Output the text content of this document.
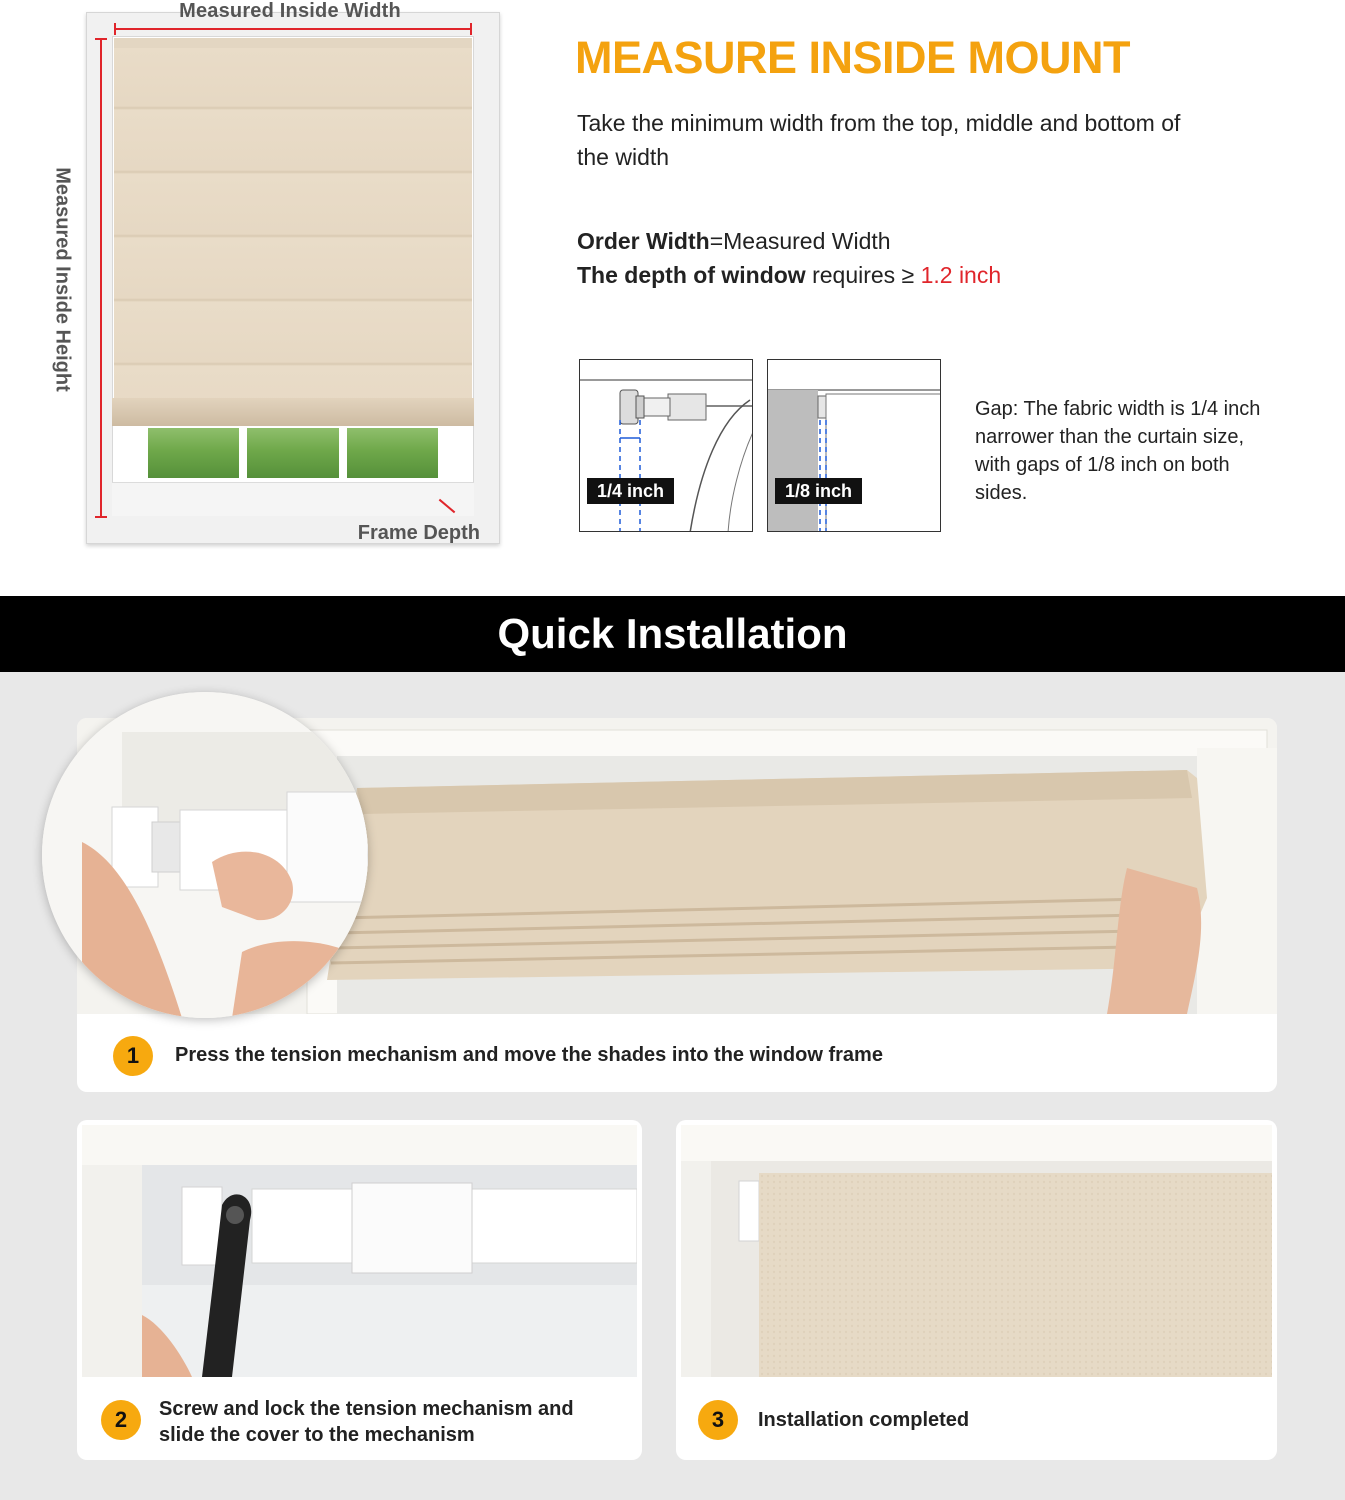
Measured Inside Width
Measured Inside Height
Frame Depth
MEASURE INSIDE MOUNT

Take the minimum width from the top, middle and bottom of the width

Order Width=Measured Width
The depth of window requires ≥ 1.2 inch
1/4 inch	1/8 inch

Gap: The fabric width is 1/4 inch narrower than the curtain size, with gaps of 1/8 inch on both sides.

Quick Installation
1	Press the tension mechanism and move the shades into the window frame
2	Screw and lock the tension mechanism and slide the cover to the mechanism
3	Installation completed
